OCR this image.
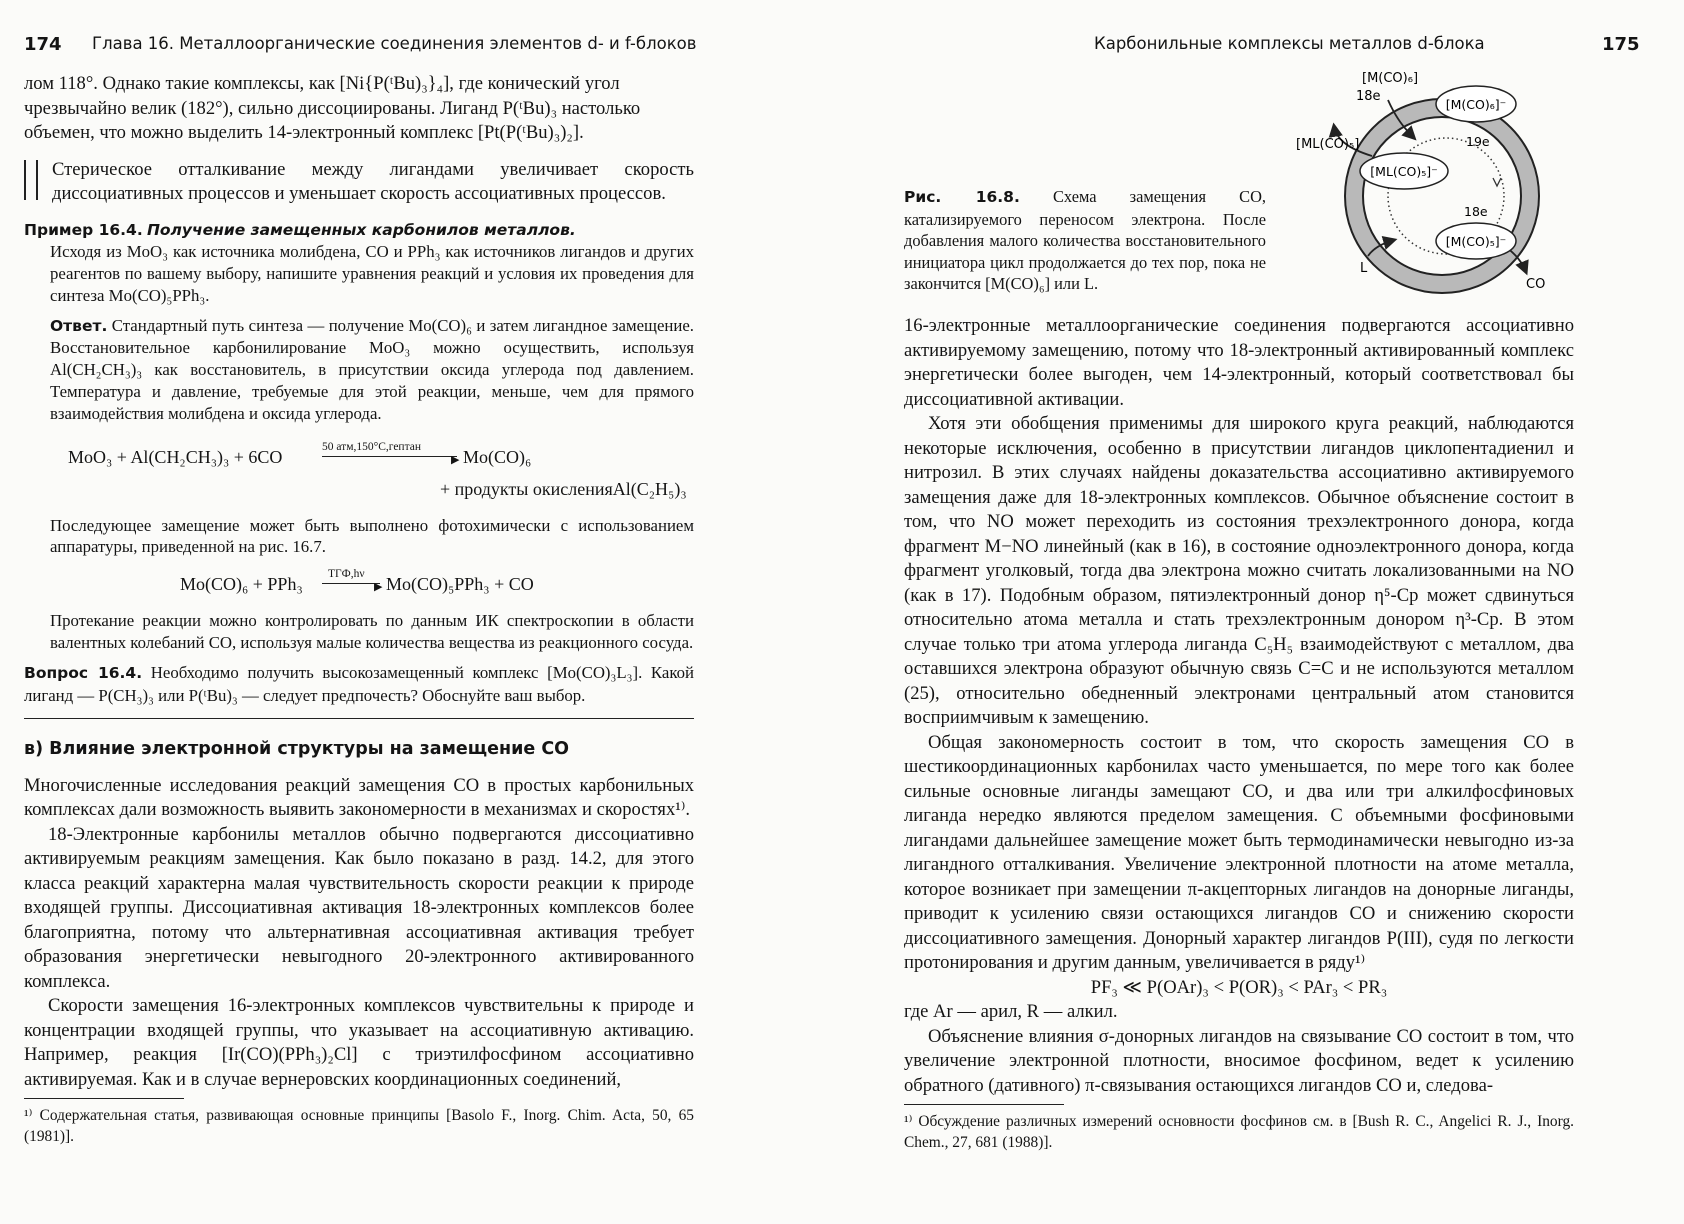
174 Глава 16. Металлоорганические соединения элементов d- и f-блоков

лом 118°. Однако такие комплексы, как [Ni{P(ᵗBu)₃}₄], где конический угол

чрезвычайно велик (182°), сильно диссоциированы. Лиганд P(ᵗBu)₃ настолько

объемен, что можно выделить 14-электронный комплекс [Pt(P(ᵗBu)₃)₂].

Стерическое отталкивание между лигандами увеличивает скорость диссоциативных процессов и уменьшает скорость ассоциативных процессов.

Пример 16.4. Получение замещенных карбонилов металлов.

Исходя из MoO₃ как источника молибдена, CO и PPh₃ как источников лигандов и других реагентов по вашему выбору, напишите уравнения реакций и условия их проведения для синтеза Mo(CO)₅PPh₃.

Ответ. Стандартный путь синтеза — получение Mo(CO)₆ и затем лигандное замещение. Восстановительное карбонилирование MoO₃ можно осуществить, используя Al(CH₂CH₃)₃ как восстановитель, в присутствии оксида углерода под давлением. Температура и давление, требуемые для этой реакции, меньше, чем для прямого взаимодействия молибдена и оксида углерода.

MoO₃ + Al(CH₂CH₃)₃ + 6CO	50 атм,150°C,гептан
▶ Mo(CO)₆
+ продукты окисленияAl(C₂H₅)₃

Последующее замещение может быть выполнено фотохимически с использованием аппаратуры, приведенной на рис. 16.7.

Mo(CO)₆ + PPh₃ ТГФ,hν
▶ Mo(CO)₅PPh₃ + CO

Протекание реакции можно контролировать по данным ИК спектроскопии в области валентных колебаний CO, используя малые количества вещества из реакционного сосуда.

Вопрос 16.4. Необходимо получить высокозамещенный комплекс [Mo(CO)₃L₃]. Какой лиганд — P(CH₃)₃ или P(ᵗBu)₃ — следует предпочесть? Обоснуйте ваш выбор.

в) Влияние электронной структуры на замещение CO

Многочисленные исследования реакций замещения CO в простых карбонильных комплексах дали возможность выявить закономерности в механизмах и скоростях¹⁾.

18-Электронные карбонилы металлов обычно подвергаются диссоциативно активируемым реакциям замещения. Как было показано в разд. 14.2, для этого класса реакций характерна малая чувствительность скорости реакции к природе входящей группы. Диссоциативная активация 18-электронных комплексов более благоприятна, потому что альтернативная ассоциативная активация требует образования энергетически невыгодного 20-электронного активированного комплекса.

Скорости замещения 16-электронных комплексов чувствительны к природе и концентрации входящей группы, что указывает на ассоциативную активацию. Например, реакция [Ir(CO)(PPh₃)₂Cl] с триэтилфосфином ассоциативно активируемая. Как и в случае вернеровских координационных соединений,

¹⁾ Содержательная статья, развивающая основные принципы [Basolo F., Inorg. Chim. Acta, 50, 65 (1981)].

Карбонильные комплексы металлов d-блока	175
Рис. 16.8. Схема замещения CO, катализируемого переносом электрона. После добавления малого количества восстановительного инициатора цикл продолжается до тех пор, пока не закончится [M(CO)₆] или L.
[M(CO)₆]
18e
[ML(CO)₅]
L
CO
19e
18e
[M(CO)₆]⁻
[ML(CO)₅]⁻
[M(CO)₅]⁻

16-электронные металлоорганические соединения подвергаются ассоциативно активируемому замещению, потому что 18-электронный активированный комплекс энергетически более выгоден, чем 14-электронный, который соответствовал бы диссоциативной активации.

Хотя эти обобщения применимы для широкого круга реакций, наблюдаются некоторые исключения, особенно в присутствии лигандов циклопентадиенил и нитрозил. В этих случаях найдены доказательства ассоциативно активируемого замещения даже для 18-электронных комплексов. Обычное объяснение состоит в том, что NO может переходить из состояния трехэлектронного донора, когда фрагмент M−NO линейный (как в 16), в состояние одноэлектронного донора, когда фрагмент уголковый, тогда два электрона можно считать локализованными на NO (как в 17). Подобным образом, пятиэлектронный донор η⁵-Cp может сдвинуться относительно атома металла и стать трехэлектронным донором η³-Cp. В этом случае только три атома углерода лиганда C₅H₅ взаимодействуют с металлом, два оставшихся электрона образуют обычную связь C=C и не используются металлом (25), относительно обедненный электронами центральный атом становится восприимчивым к замещению.

Общая закономерность состоит в том, что скорость замещения CO в шестикоординационных карбонилах часто уменьшается, по мере того как более сильные основные лиганды замещают CO, и два или три алкилфосфиновых лиганда нередко являются пределом замещения. С объемными фосфиновыми лигандами дальнейшее замещение может быть термодинамически невыгодно из-за лигандного отталкивания. Увеличение электронной плотности на атоме металла, которое возникает при замещении π-акцепторных лигандов на донорные лиганды, приводит к усилению связи остающихся лигандов CO и снижению скорости диссоциативного замещения. Донорный характер лигандов P(III), судя по легкости протонирования и другим данным, увеличивается в ряду¹⁾

PF₃ ≪ P(OAr)₃ < P(OR)₃ < PAr₃ < PR₃

где Ar — арил, R — алкил.

Объяснение влияния σ-донорных лигандов на связывание CO состоит в том, что увеличение электронной плотности, вносимое фосфином, ведет к усилению обратного (дативного) π-связывания остающихся лигандов CO и, следова-

¹⁾ Обсуждение различных измерений основности фосфинов см. в [Bush R. C., Angelici R. J., Inorg. Chem., 27, 681 (1988)].
